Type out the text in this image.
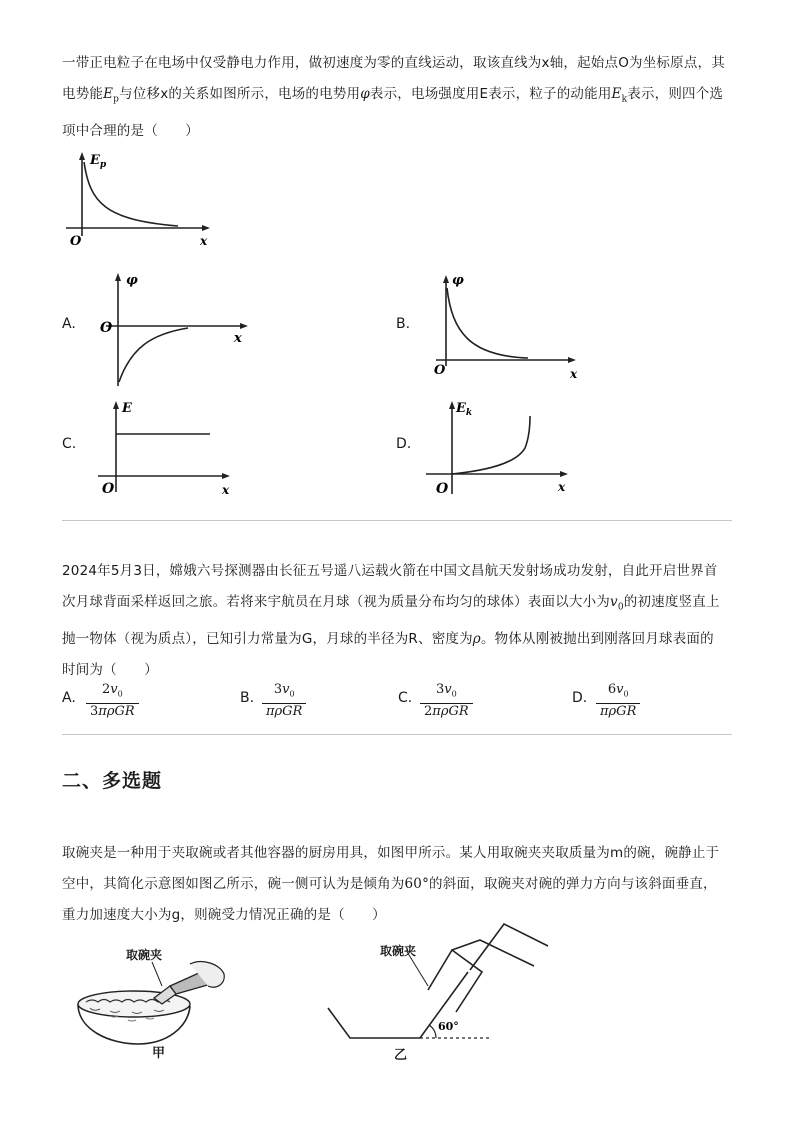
一带正电粒子在电场中仅受静电力作用，做初速度为零的直线运动，取该直线为x轴，起始点O为坐标原点，其
电势能$E_p$与位移x的关系如图所示，电场的电势用φ表示，电场强度用E表示，粒子的动能用$E_k$表示，则四个选
项中合理的是（　　）
$E_p$
O	x
A.
φ
O
x
B.
φ
O	x
C.
E
O	x
D.
$E_k$
O	x
2024年5月3日，嫦娥六号探测器由长征五号遥八运载火箭在中国文昌航天发射场成功发射，自此开启世界首
次月球背面采样返回之旅。若将来宇航员在月球（视为质量分布均匀的球体）表面以大小为$v_0$的初速度竖直上
抛一物体（视为质点），已知引力常量为G，月球的半径为R、密度为ρ。物体从刚被抛出到刚落回月球表面的
时间为（　　）
A.
$2v_0$
3πρGR
B.
$3v_0$
πρGR
C.
$3v_0$
2πρGR
D.
$6v_0$
πρGR
二、多选题
取碗夹是一种用于夹取碗或者其他容器的厨房用具，如图甲所示。某人用取碗夹夹取质量为m的碗，碗静止于
空中，其简化示意图如图乙所示，碗一侧可认为是倾角为60°的斜面，取碗夹对碗的弹力方向与该斜面垂直，
重力加速度大小为g，则碗受力情况正确的是（　　）
取碗夹
甲
取碗夹
60°
乙
